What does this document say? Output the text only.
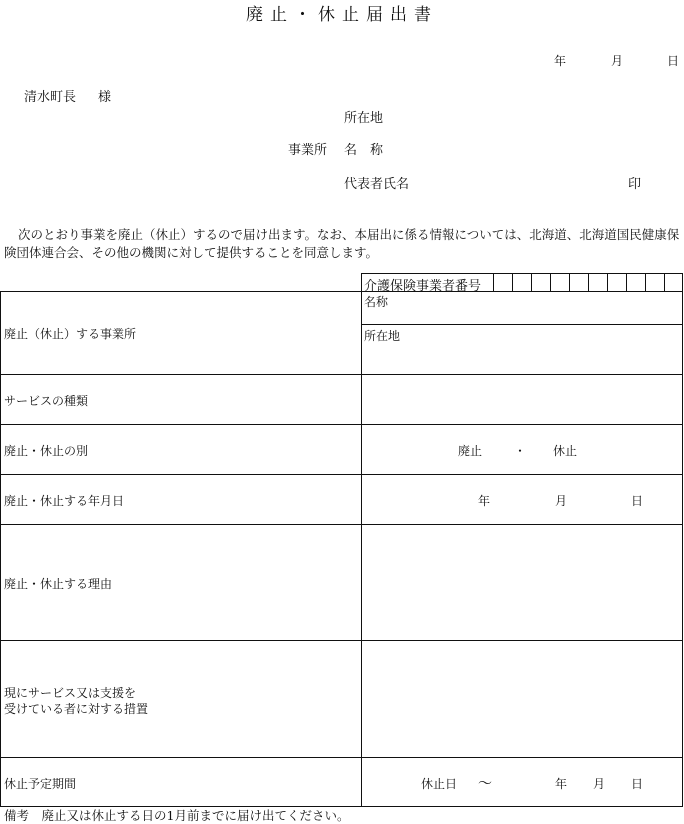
廃止・休止届出書
年	月	日
清水町長 様
所在地
事業所 名　称
代表者氏名	印
次のとおり事業を廃止（休止）するので届け出ます。なお、本届出に係る情報については、北海道、北海道国民健康保険団体連合会、その他の機関に対して提供することを同意します。
介護保険事業者番号
廃止（休止）する事業所
名称
所在地
サービスの種類
廃止・休止の別	廃止	・ 休止
廃止・休止する年月日	年	月	日
廃止・休止する理由
現にサービス又は支援を
受けている者に対する措置
休止予定期間	休止日 ～	年 月 日
備考　廃止又は休止する日の1月前までに届け出てください。
